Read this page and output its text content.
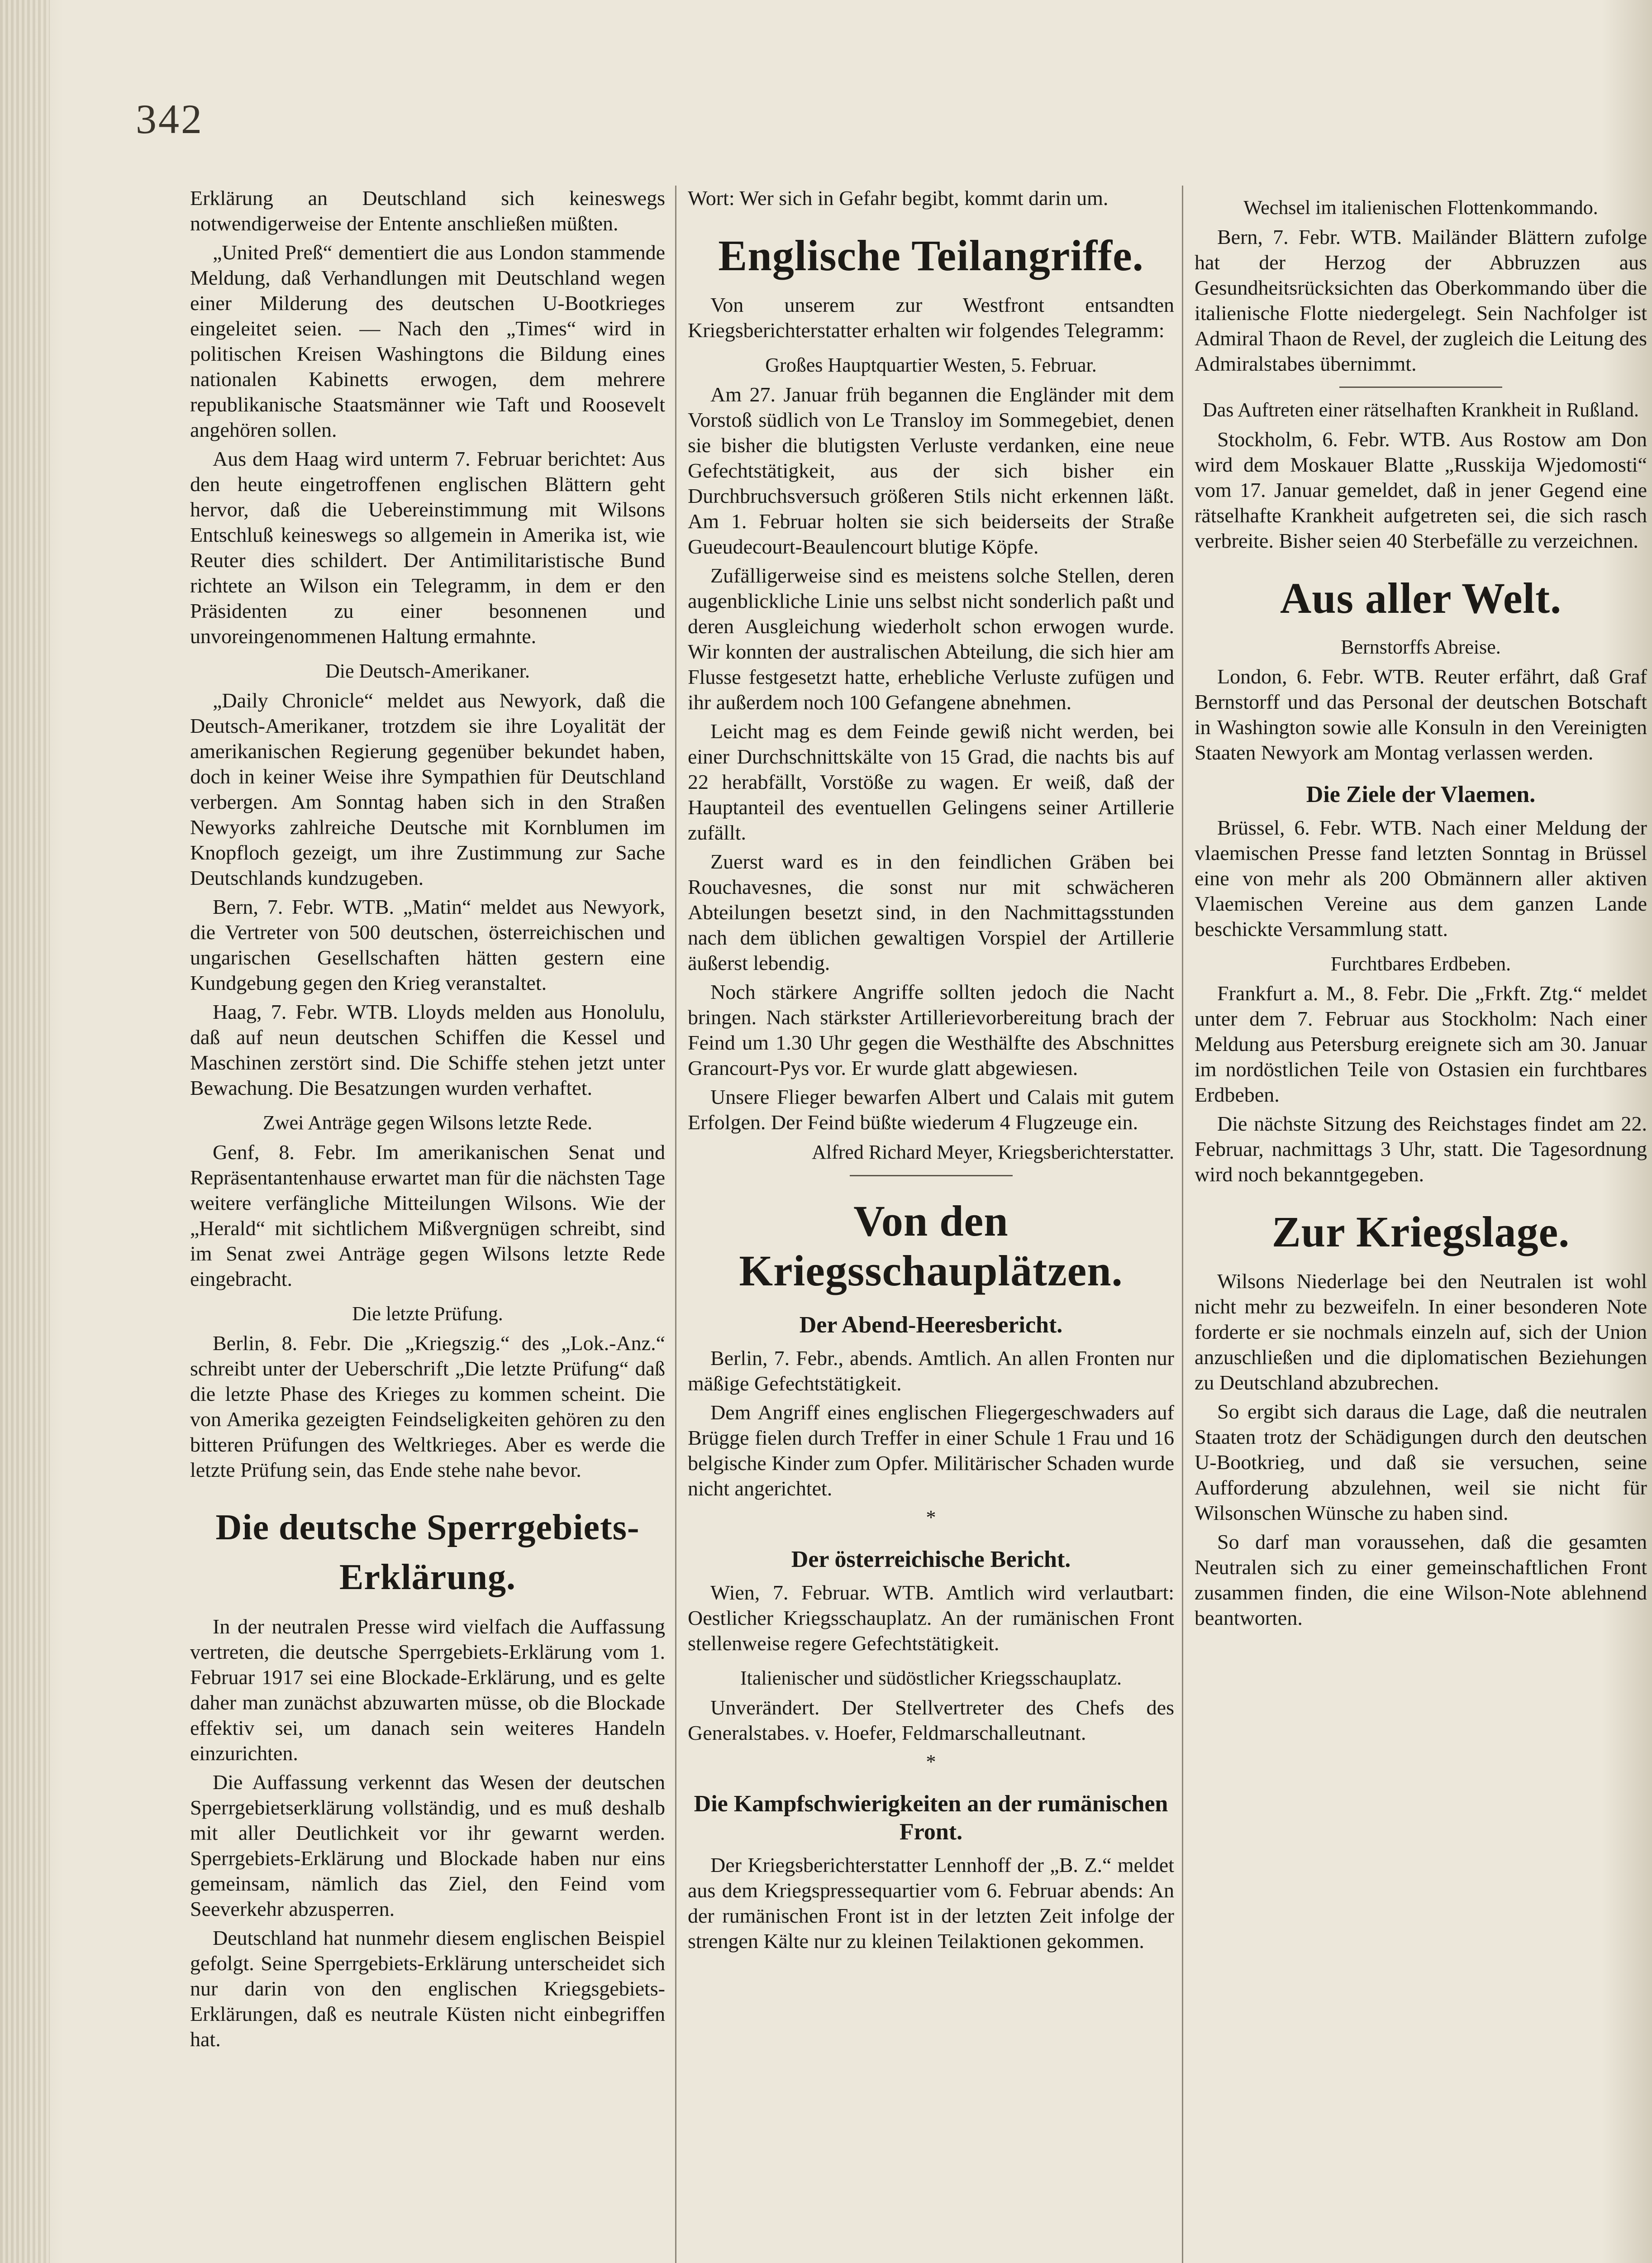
342

Erklärung an Deutschland sich keineswegs notwendigerweise der Entente anschließen müßten.

„United Preß“ dementiert die aus London stammende Meldung, daß Verhandlungen mit Deutschland wegen einer Milderung des deutschen U-Bootkrieges eingeleitet seien. — Nach den „Times“ wird in politischen Kreisen Washingtons die Bildung eines nationalen Kabinetts erwogen, dem mehrere republikanische Staatsmänner wie Taft und Roosevelt angehören sollen.

Aus dem Haag wird unterm 7. Februar berichtet: Aus den heute eingetroffenen englischen Blättern geht hervor, daß die Uebereinstimmung mit Wilsons Entschluß keineswegs so allgemein in Amerika ist, wie Reuter dies schildert. Der Antimilitaristische Bund richtete an Wilson ein Telegramm, in dem er den Präsidenten zu einer besonnenen und unvoreingenommenen Haltung ermahnte.

Die Deutsch-Amerikaner.

„Daily Chronicle“ meldet aus Newyork, daß die Deutsch-Amerikaner, trotzdem sie ihre Loyalität der amerikanischen Regierung gegenüber bekundet haben, doch in keiner Weise ihre Sympathien für Deutschland verbergen. Am Sonntag haben sich in den Straßen Newyorks zahlreiche Deutsche mit Kornblumen im Knopfloch gezeigt, um ihre Zustimmung zur Sache Deutschlands kundzugeben.

Bern, 7. Febr. WTB. „Matin“ meldet aus Newyork, die Vertreter von 500 deutschen, österreichischen und ungarischen Gesellschaften hätten gestern eine Kundgebung gegen den Krieg veranstaltet.

Haag, 7. Febr. WTB. Lloyds melden aus Honolulu, daß auf neun deutschen Schiffen die Kessel und Maschinen zerstört sind. Die Schiffe stehen jetzt unter Bewachung. Die Besatzungen wurden verhaftet.

Zwei Anträge gegen Wilsons letzte Rede.

Genf, 8. Febr. Im amerikanischen Senat und Repräsentantenhause erwartet man für die nächsten Tage weitere verfängliche Mitteilungen Wilsons. Wie der „Herald“ mit sichtlichem Mißvergnügen schreibt, sind im Senat zwei Anträge gegen Wilsons letzte Rede eingebracht.

Die letzte Prüfung.

Berlin, 8. Febr. Die „Kriegszig.“ des „Lok.-Anz.“ schreibt unter der Ueberschrift „Die letzte Prüfung“ daß die letzte Phase des Krieges zu kommen scheint. Die von Amerika gezeigten Feindseligkeiten gehören zu den bitteren Prüfungen des Weltkrieges. Aber es werde die letzte Prüfung sein, das Ende stehe nahe bevor.

Die deutsche Sperrgebiets-Erklärung.

In der neutralen Presse wird vielfach die Auffassung vertreten, die deutsche Sperrgebiets-Erklärung vom 1. Februar 1917 sei eine Blockade-Erklärung, und es gelte daher man zunächst abzuwarten müsse, ob die Blockade effektiv sei, um danach sein weiteres Handeln einzurichten.

Die Auffassung verkennt das Wesen der deutschen Sperrgebietserklärung vollständig, und es muß deshalb mit aller Deutlichkeit vor ihr gewarnt werden. Sperrgebiets-Erklärung und Blockade haben nur eins gemeinsam, nämlich das Ziel, den Feind vom Seeverkehr abzusperren.

Deutschland hat nunmehr diesem englischen Beispiel gefolgt. Seine Sperrgebiets-Erklärung unterscheidet sich nur darin von den englischen Kriegsgebiets-Erklärungen, daß es neutrale Küsten nicht einbegriffen hat.

Wort: Wer sich in Gefahr begibt, kommt darin um.

Englische Teilangriffe.

Von unserem zur Westfront entsandten Kriegsberichterstatter erhalten wir folgendes Telegramm:

Großes Hauptquartier Westen, 5. Februar.

Am 27. Januar früh begannen die Engländer mit dem Vorstoß südlich von Le Transloy im Sommegebiet, denen sie bisher die blutigsten Verluste verdanken, eine neue Gefechtstätigkeit, aus der sich bisher ein Durchbruchsversuch größeren Stils nicht erkennen läßt. Am 1. Februar holten sie sich beiderseits der Straße Gueudecourt-Beaulencourt blutige Köpfe.

Zufälligerweise sind es meistens solche Stellen, deren augenblickliche Linie uns selbst nicht sonderlich paßt und deren Ausgleichung wiederholt schon erwogen wurde. Wir konnten der australischen Abteilung, die sich hier am Flusse festgesetzt hatte, erhebliche Verluste zufügen und ihr außerdem noch 100 Gefangene abnehmen.

Leicht mag es dem Feinde gewiß nicht werden, bei einer Durchschnittskälte von 15 Grad, die nachts bis auf 22 herabfällt, Vorstöße zu wagen. Er weiß, daß der Hauptanteil des eventuellen Gelingens seiner Artillerie zufällt.

Zuerst ward es in den feindlichen Gräben bei Rouchavesnes, die sonst nur mit schwächeren Abteilungen besetzt sind, in den Nachmittagsstunden nach dem üblichen gewaltigen Vorspiel der Artillerie äußerst lebendig.

Noch stärkere Angriffe sollten jedoch die Nacht bringen. Nach stärkster Artillerievorbereitung brach der Feind um 1.30 Uhr gegen die Westhälfte des Abschnittes Grancourt-Pys vor. Er wurde glatt abgewiesen.

Unsere Flieger bewarfen Albert und Calais mit gutem Erfolgen. Der Feind büßte wiederum 4 Flugzeuge ein.

Alfred Richard Meyer, Kriegsberichterstatter.
Von den Kriegsschauplätzen.
Der Abend-Heeresbericht.

Berlin, 7. Febr., abends. Amtlich. An allen Fronten nur mäßige Gefechtstätigkeit.

Dem Angriff eines englischen Fliegergeschwaders auf Brügge fielen durch Treffer in einer Schule 1 Frau und 16 belgische Kinder zum Opfer. Militärischer Schaden wurde nicht angerichtet.

*
Der österreichische Bericht.

Wien, 7. Februar. WTB. Amtlich wird verlautbart: Oestlicher Kriegsschauplatz. An der rumänischen Front stellenweise regere Gefechtstätigkeit.

Italienischer und südöstlicher Kriegsschauplatz.

Unverändert. Der Stellvertreter des Chefs des Generalstabes. v. Hoefer, Feldmarschalleutnant.

*
Die Kampfschwierigkeiten an der rumänischen Front.

Der Kriegsberichterstatter Lennhoff der „B. Z.“ meldet aus dem Kriegspressequartier vom 6. Februar abends: An der rumänischen Front ist in der letzten Zeit infolge der strengen Kälte nur zu kleinen Teilaktionen gekommen.

Wechsel im italienischen Flottenkommando.

Bern, 7. Febr. WTB. Mailänder Blättern zufolge hat der Herzog der Abbruzzen aus Gesundheitsrücksichten das Oberkommando über die italienische Flotte niedergelegt. Sein Nachfolger ist Admiral Thaon de Revel, der zugleich die Leitung des Admiralstabes übernimmt.

Das Auftreten einer rätselhaften Krankheit in Rußland.

Stockholm, 6. Febr. WTB. Aus Rostow am Don wird dem Moskauer Blatte „Russkija Wjedomosti“ vom 17. Januar gemeldet, daß in jener Gegend eine rätselhafte Krankheit aufgetreten sei, die sich rasch verbreite. Bisher seien 40 Sterbefälle zu verzeichnen.

Aus aller Welt.
Bernstorffs Abreise.

London, 6. Febr. WTB. Reuter erfährt, daß Graf Bernstorff und das Personal der deutschen Botschaft in Washington sowie alle Konsuln in den Vereinigten Staaten Newyork am Montag verlassen werden.

Die Ziele der Vlaemen.

Brüssel, 6. Febr. WTB. Nach einer Meldung der vlaemischen Presse fand letzten Sonntag in Brüssel eine von mehr als 200 Obmännern aller aktiven Vlaemischen Vereine aus dem ganzen Lande beschickte Versammlung statt.

Furchtbares Erdbeben.

Frankfurt a. M., 8. Febr. Die „Frkft. Ztg.“ meldet unter dem 7. Februar aus Stockholm: Nach einer Meldung aus Petersburg ereignete sich am 30. Januar im nordöstlichen Teile von Ostasien ein furchtbares Erdbeben.

Die nächste Sitzung des Reichstages findet am 22. Februar, nachmittags 3 Uhr, statt. Die Tagesordnung wird noch bekanntgegeben.

Zur Kriegslage.

Wilsons Niederlage bei den Neutralen ist wohl nicht mehr zu bezweifeln. In einer besonderen Note forderte er sie nochmals einzeln auf, sich der Union anzuschließen und die diplomatischen Beziehungen zu Deutschland abzubrechen.

So ergibt sich daraus die Lage, daß die neutralen Staaten trotz der Schädigungen durch den deutschen U-Bootkrieg, und daß sie versuchen, seine Aufforderung abzulehnen, weil sie nicht für Wilsonschen Wünsche zu haben sind.

So darf man voraussehen, daß die gesamten Neutralen sich zu einer gemeinschaftlichen Front zusammen finden, die eine Wilson-Note ablehnend beantworten.
